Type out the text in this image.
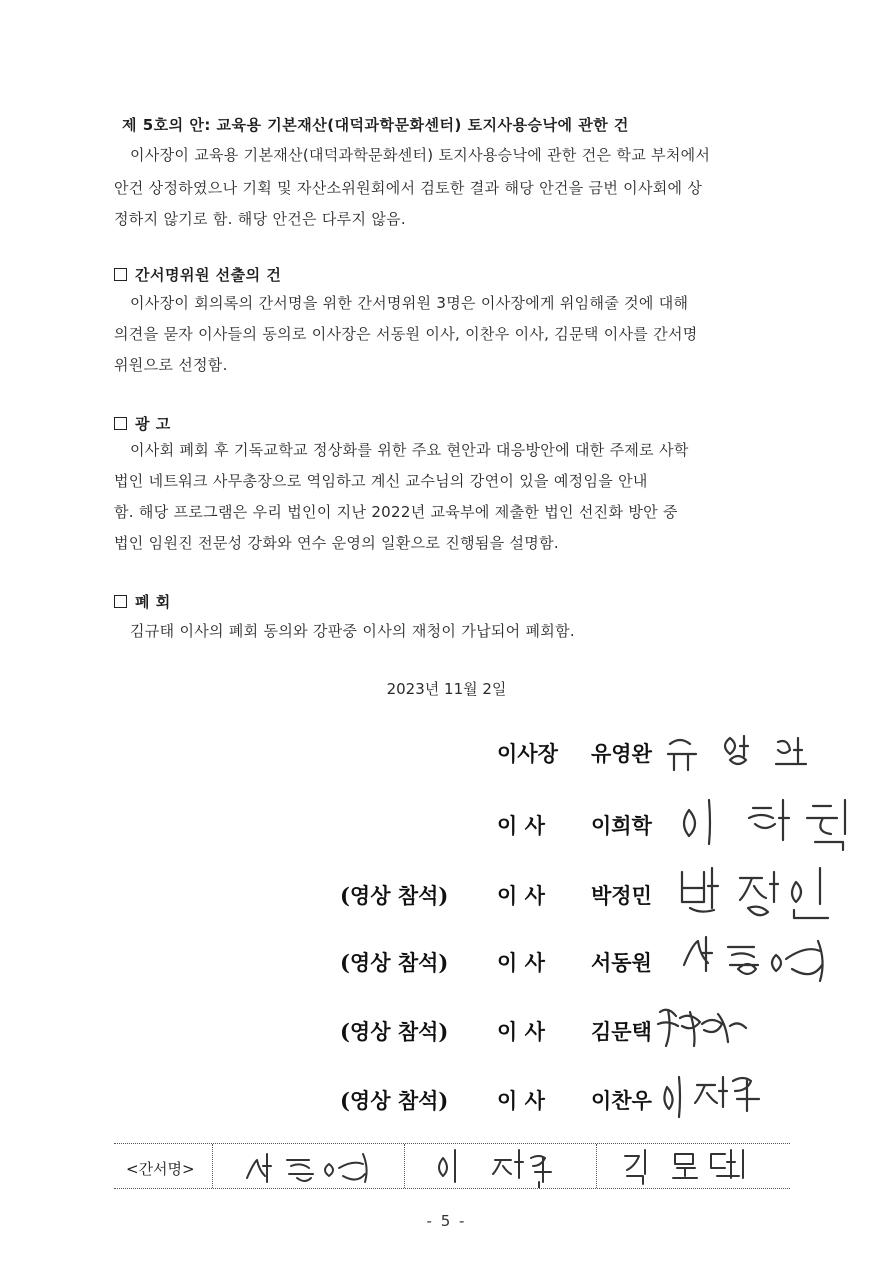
제 5호의 안: 교육용 기본재산(대덕과학문화센터) 토지사용승낙에 관한 건
이사장이 교육용 기본재산(대덕과학문화센터) 토지사용승낙에 관한 건은 학교 부처에서
안건 상정하였으나 기획 및 자산소위원회에서 검토한 결과 해당 안건을 금번 이사회에 상
정하지 않기로 함. 해당 안건은 다루지 않음.
간서명위원 선출의 건
이사장이 회의록의 간서명을 위한 간서명위원 3명은 이사장에게 위임해줄 것에 대해
의견을 묻자 이사들의 동의로 이사장은 서동원 이사, 이찬우 이사, 김문택 이사를 간서명
위원으로 선정함.
광 고
이사회 폐회 후 기독교학교 정상화를 위한 주요 현안과 대응방안에 대한 주제로 사학
법인 네트워크 사무총장으로 역임하고 계신 교수님의 강연이 있을 예정임을 안내
함. 해당 프로그램은 우리 법인이 지난 2022년 교육부에 제출한 법인 선진화 방안 중
법인 임원진 전문성 강화와 연수 운영의 일환으로 진행됨을 설명함.
폐 회
김규태 이사의 폐회 동의와 강판중 이사의 재청이 가납되어 폐회함.
2023년 11월 2일
이사장 유영완
이 사 이희학
(영상 참석) 이 사 박정민
(영상 참석) 이 사 서동원
(영상 참석) 이 사 김문택
(영상 참석) 이 사 이찬우
<간서명>
- 5 -
